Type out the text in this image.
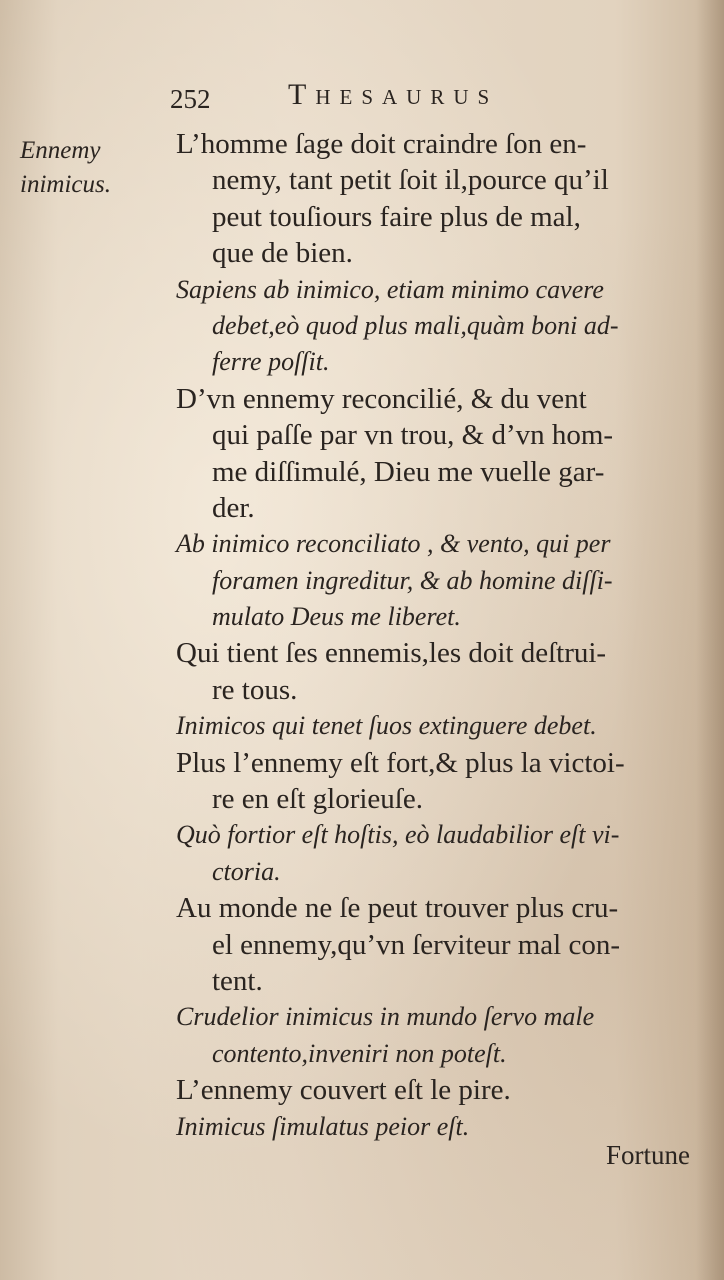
252	Thesaurus
Ennemy
inimicus.
L’homme ſage doit craindre ſon en-
nemy, tant petit ſoit il,pource qu’il
peut touſiours faire plus de mal,
que de bien.
Sapiens ab inimico, etiam minimo cavere
debet,eò quod plus mali,quàm boni ad-
ferre poſſit.
D’vn ennemy reconcilié, & du vent
qui paſſe par vn trou, & d’vn hom-
me diſſimulé, Dieu me vuelle gar-
der.
Ab inimico reconciliato , & vento, qui per
foramen ingreditur, & ab homine diſſi-
mulato Deus me liberet.
Qui tient ſes ennemis,les doit deſtrui-
re tous.
Inimicos qui tenet ſuos extinguere debet.
Plus l’ennemy eſt fort,& plus la victoi-
re en eſt glorieuſe.
Quò fortior eſt hoſtis, eò laudabilior eſt vi-
ctoria.
Au monde ne ſe peut trouver plus cru-
el ennemy,qu’vn ſerviteur mal con-
tent.
Crudelior inimicus in mundo ſervo male
contento,inveniri non poteſt.
L’ennemy couvert eſt le pire.
Inimicus ſimulatus peior eſt.
Fortune
